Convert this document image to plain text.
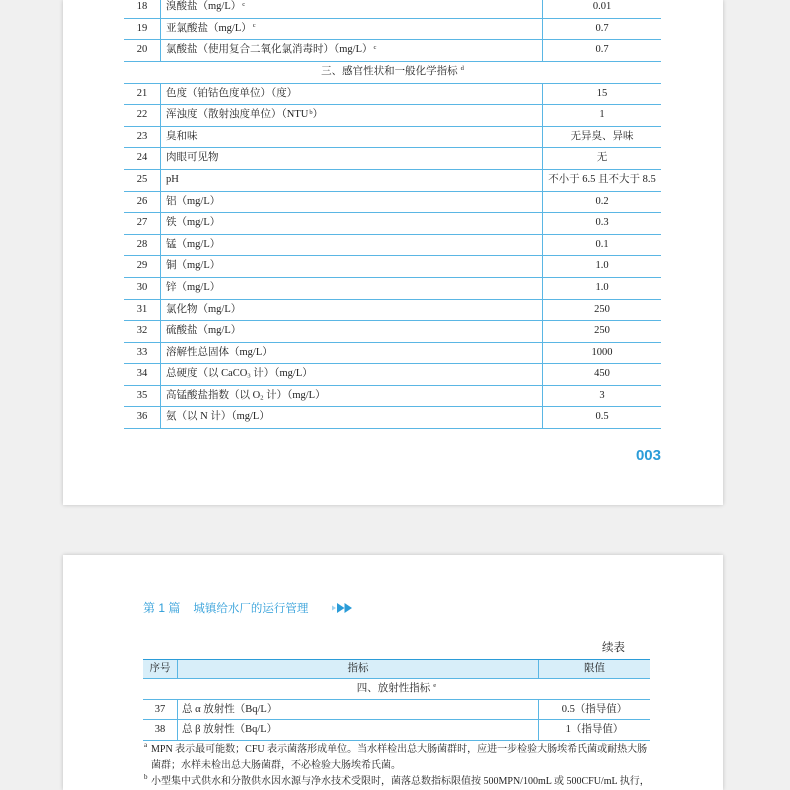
18	溴酸盐$(mg/L)^c$	0.01
19	亚氯酸盐$(mg/L)^c$	0.7
20	氯酸盐（使用复合二氧化氯消毒时）$(mg/L)^c$	0.7
三、感官性状和一般化学指标 $^d$
21	色度（铂钴色度单位）（度）	15
22	浑浊度（散射浊度单位）（NTU$^b$）	1
23	臭和味	无异臭、异味
24	肉眼可见物	无
25	pH	不小于 6.5 且不大于 8.5
26	铝（mg/L）	0.2
27	铁（mg/L）	0.3
28	锰（mg/L）	0.1
29	铜（mg/L）	1.0
30	锌（mg/L）	1.0
31	氯化物（mg/L）	250
32	硫酸盐（mg/L）	250
33	溶解性总固体（mg/L）	1000
34	总硬度（以 CaCO$_3$ 计）（mg/L）	450
35	高锰酸盐指数（以 $O_2$ 计）（mg/L）	3
36	氨（以 N 计）（mg/L）	0.5
003
第 1 篇 城镇给水厂的运行管理
续表
序号	指标	限值
四、放射性指标 $^e$
37	总 α 放射性（Bq/L）	0.5（指导值）
38	总 β 放射性（Bq/L）	1（指导值）
a MPN 表示最可能数；CFU 表示菌落形成单位。当水样检出总大肠菌群时，应进一步检验大肠埃希氏菌或耐热大肠菌群；水样未检出总大肠菌群，不必检验大肠埃希氏菌。
b 小型集中式供水和分散供水因水源与净水技术受限时，菌落总数指标限值按 500MPN/100mL 或 500CFU/mL 执行，
